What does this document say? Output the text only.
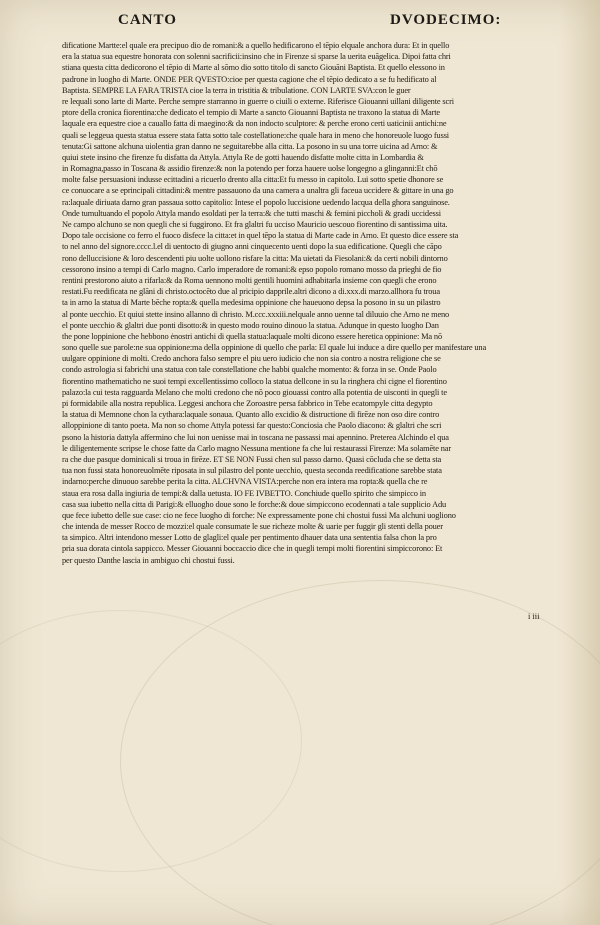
CANTO	DVODECIMO:
dificatione Martte:el quale era precipuo dio de romani:& a quello hedificarono el tēpio elquale anchora dura: Et in quello
era la statua sua equestre honorata con solenni sacrificii:insino che in Firenze si sparse la uerita euāgelica. Dipoi fatta chri
stiana questa citta dedicorono el tēpio di Marte al sōmo dio sotto titolo di sancto Giouāni Baptista. Et quello elessono in
padrone in luogho di Marte. ONDE PER QVESTO:cioe per questa cagione che el tēpio dedicato a se fu hedificato al
Baptista. SEMPRE LA FARA TRISTA cioe la terra in tristitia & tribulatione. CON LARTE SVA:con le guer
re lequali sono larte di Marte. Perche sempre starranno in guerre o ciuili o externe. Riferisce Giouanni uillani diligente scri
ptore della cronica fiorentina:che dedicato el tempio di Marte a sancto Giouanni Baptista ne traxono la statua di Marte
laquale era equestre cioe a cauallo fatta di maegino:& da non indocto sculptore: & perche erono certi uaticinii antichi:ne
quali se leggeua questa statua essere stata fatta sotto tale costellatione:che quale hara in meno che honoreuole luogo fussi
tenuta:Gi sattone alchuna uiolentia gran danno ne seguitarebbe alla citta. La posono in su una torre uicina ad Arno: &
quiui stete insino che firenze fu disfatta da Attyla. Attyla Re de gotti hauendo disfatte molte citta in Lombardia &
in Romagna,passo in Toscana & assidio firenze:& non la potendo per forza hauere uolse longegno a glinganni:Et chō
molte false persuasioni indusse ecittadini a ricuerlo drento alla citta:Et fu messo in capitolo. Lui sotto spetie dhonore se
ce conuocare a se eprincipali cittadini:& mentre passauono da una camera a unaltra gli faceua uccidere & gittare in una go
ra:laquale diriuata darno gran passaua sotto capitolio: Intese el popolo luccisione uedendo lacqua della ghora sanguinose.
Onde tumultuando el popolo Attyla mando esoldati per la terra:& che tutti maschi & femini piccholi & gradi uccidessi
Ne campo alchuno se non quegli che si fuggirono. Et fra glaltri fu ucciso Mauricio uescouo fiorentino di santissima uita.
Dopo tale occisione co ferro el fuoco disfece la citta:et in quel tēpo la statua di Marte cade in Arno. Et questo dice essere sta
to nel anno del signore.cccc.l.el di uentocto di giugno anni cinquecento uenti dopo la sua edificatione. Quegli che cāpo
rono delluccisione & loro descendenti piu uolte uollono risfare la citta: Ma uietati da Fiesolani:& da certi nobili dintorno
cessorono insino a tempi di Carlo magno. Carlo imperadore de romani:& epso popolo romano mosso da prieghi de fio
rentini prestorono aiuto a rifarla:& da Roma uennono molti gentili huomini adhabitarla insieme con quegli che erono
restati.Fu reedificata ne glāni di christo.octocēto due al pricipio dapprile.altri dicono a di.xxx.di marzo.allhora fu troua
ta in arno la statua di Marte bēche ropta:& quella medesima oppinione che haueuono depsa la posono in su un pilastro
al ponte uecchio. Et quiui stette insino allanno di christo. M.ccc.xxxiii.nelquale anno uenne tal diluuio che Arno ne meno
el ponte uecchio & glaltri due ponti disotto:& in questo modo rouino dinouo la statua. Adunque in questo luogho Dan
the pone loppinione che hebbono ėnostri antichi di quella statua:laquale molti dicono essere heretica oppinione: Ma nō
sono quelle sue parole:ne sua oppinione:ma della oppinione di quello che parla: El quale lui induce a dire quello per manifestare una
uulgare oppinione di molti. Credo anchora falso sempre el piu uero iudicio che non sia contro a nostra religione che se
condo astrologia si fabrichi una statua con tale constellatione che habbi qualche momento: & forza in se. Onde Paolo
fiorentino mathematicho ne suoi tempi excellentissimo colloco la statua dellcone in su la ringhera chi cigne el fiorentino
palazo:la cui testa ragguarda Melano che molti credono che nō poco giouassi contro alla potentia de uisconti in quegli te
pi formidabile alla nostra republica. Leggesi anchora che Zoroastre persa fabbrico in Tebe ecatompyle citta degypto
la statua di Memnone chon la cythara:laquale sonaua. Quanto allo excidio & distructione di firēze non oso dire contro
alloppinione di tanto poeta. Ma non so chome Attyla potessi far questo:Conciosia che Paolo diacono: & glaltri che scri
psono la historia dattyla affermino che lui non uenisse mai in toscana ne passassi mai apennino. Preterea Alchindo el qua
le diligentemente scripse le chose fatte da Carlo magno Nessuna mentione fa che lui restaurassi Firenze: Ma solamēte nar
ra che due pasque dominicali si troua in firēze. ET SE NON Fussi chen sul passo darno. Quasi cōcluda che se detta sta
tua non fussi stata honoreuolmēte riposata in sul pilastro del ponte uecchio, questa seconda reedificatione sarebbe stata
indarno:perche dinuouo sarebbe perita la citta. ALCHVNA VISTA:perche non era intera ma ropta:& quella che re
staua era rosa dalla ingiuria de tempi:& dalla uetusta. IO FE IVBETTO. Conchiude quello spirito che simpicco in
casa sua iubetto nella citta di Parigi:& elluogho doue sono le forche:& doue simpiccono ecodennati a tale supplicio Adu
que fece iubetto delle sue case: cio ne fece luogho di forche: Ne expressamente pone chi chostui fussi Ma alchuni uogliono
che intenda de messer Rocco de mozzi:el quale consumate le sue richeze molte & uarie per fuggir gli stenti della pouer
ta simpico. Altri intendono messer Lotto de glagli:el quale per pentimento dhauer data una sententia falsa chon la pro
pria sua dorata cintola sappicco. Messer Giouanni boccaccio dice che in quegli tempi molti fiorentini simpiccorono: Et
per questo Danthe lascia in ambiguo chi chostui fussi.
i iii
